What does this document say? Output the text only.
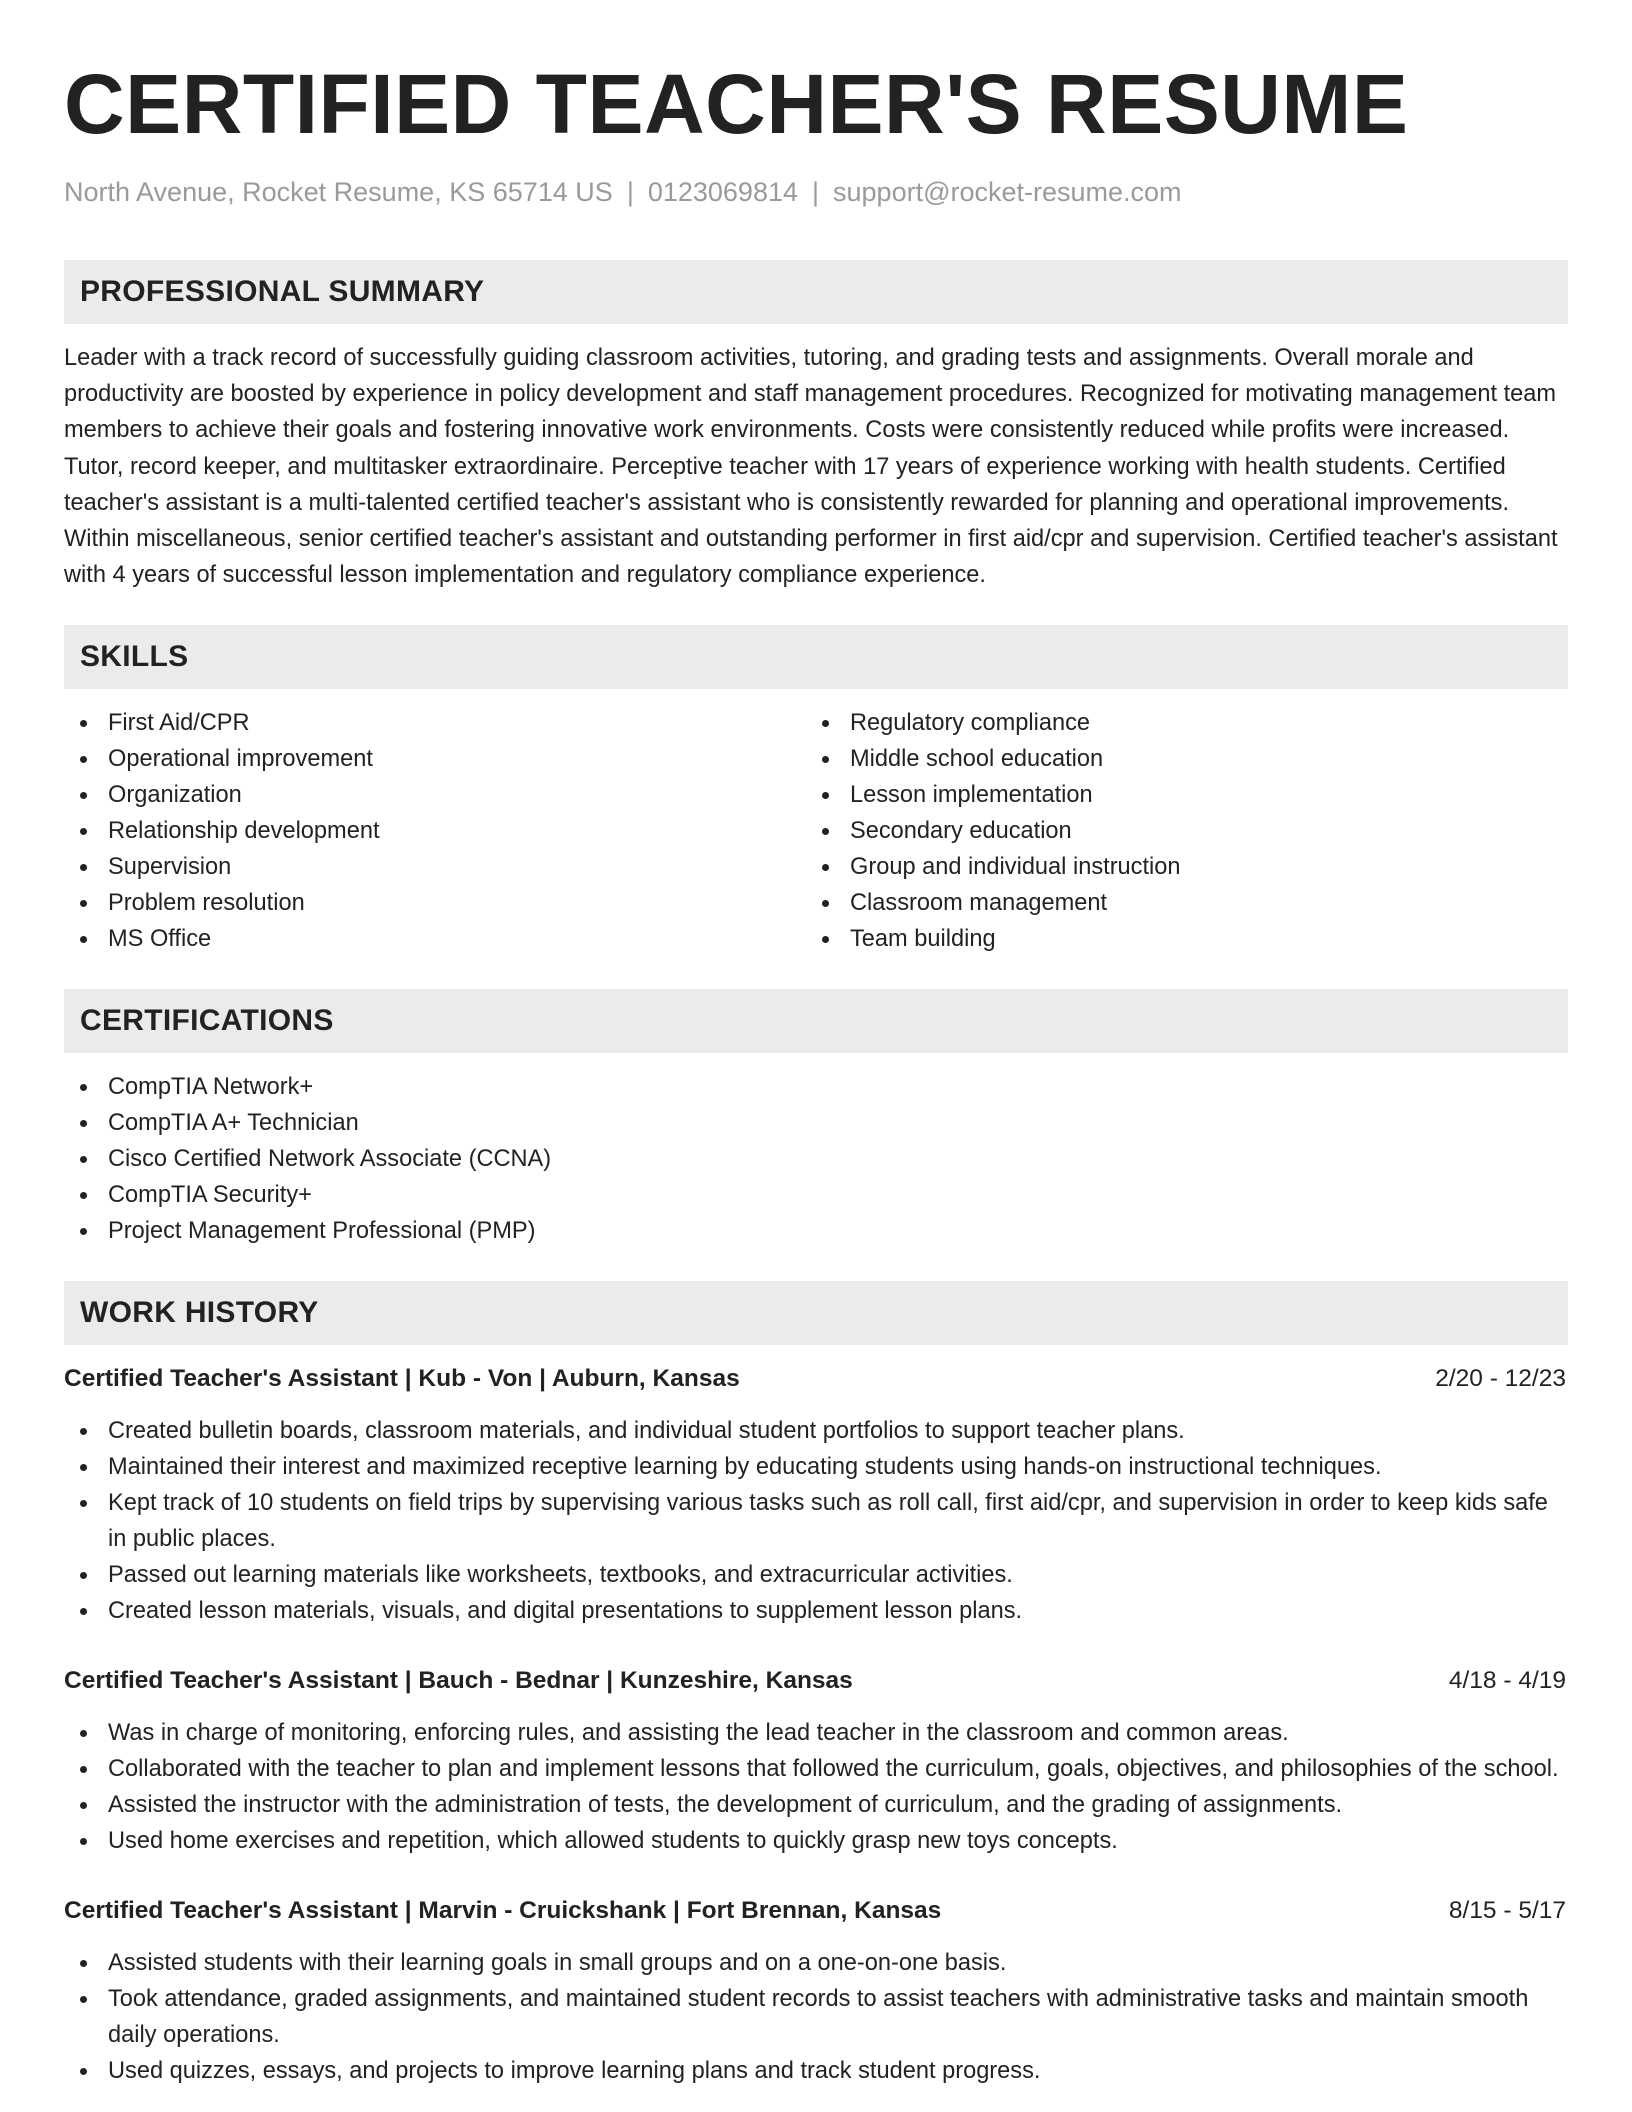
CERTIFIED TEACHER'S RESUME
North Avenue, Rocket Resume, KS 65714 US | 0123069814 | support@rocket-resume.com
PROFESSIONAL SUMMARY

Leader with a track record of successfully guiding classroom activities, tutoring, and grading tests and assignments. Overall morale and productivity are boosted by experience in policy development and staff management procedures. Recognized for motivating management team members to achieve their goals and fostering innovative work environments. Costs were consistently reduced while profits were increased. Tutor, record keeper, and multitasker extraordinaire. Perceptive teacher with 17 years of experience working with health students. Certified teacher's assistant is a multi-talented certified teacher's assistant who is consistently rewarded for planning and operational improvements. Within miscellaneous, senior certified teacher's assistant and outstanding performer in first aid/cpr and supervision. Certified teacher's assistant with 4 years of successful lesson implementation and regulatory compliance experience.

SKILLS
First Aid/CPR
Operational improvement
Organization
Relationship development
Supervision
Problem resolution
MS Office
Regulatory compliance
Middle school education
Lesson implementation
Secondary education
Group and individual instruction
Classroom management
Team building
CERTIFICATIONS
CompTIA Network+
CompTIA A+ Technician
Cisco Certified Network Associate (CCNA)
CompTIA Security+
Project Management Professional (PMP)
WORK HISTORY
Certified Teacher's Assistant | Kub - Von | Auburn, Kansas	2/20 - 12/23
Created bulletin boards, classroom materials, and individual student portfolios to support teacher plans.
Maintained their interest and maximized receptive learning by educating students using hands-on instructional techniques.
Kept track of 10 students on field trips by supervising various tasks such as roll call, first aid/cpr, and supervision in order to keep kids safe in public places.
Passed out learning materials like worksheets, textbooks, and extracurricular activities.
Created lesson materials, visuals, and digital presentations to supplement lesson plans.
Certified Teacher's Assistant | Bauch - Bednar | Kunzeshire, Kansas	4/18 - 4/19
Was in charge of monitoring, enforcing rules, and assisting the lead teacher in the classroom and common areas.
Collaborated with the teacher to plan and implement lessons that followed the curriculum, goals, objectives, and philosophies of the school.
Assisted the instructor with the administration of tests, the development of curriculum, and the grading of assignments.
Used home exercises and repetition, which allowed students to quickly grasp new toys concepts.
Certified Teacher's Assistant | Marvin - Cruickshank | Fort Brennan, Kansas	8/15 - 5/17
Assisted students with their learning goals in small groups and on a one-on-one basis.
Took attendance, graded assignments, and maintained student records to assist teachers with administrative tasks and maintain smooth daily operations.
Used quizzes, essays, and projects to improve learning plans and track student progress.
